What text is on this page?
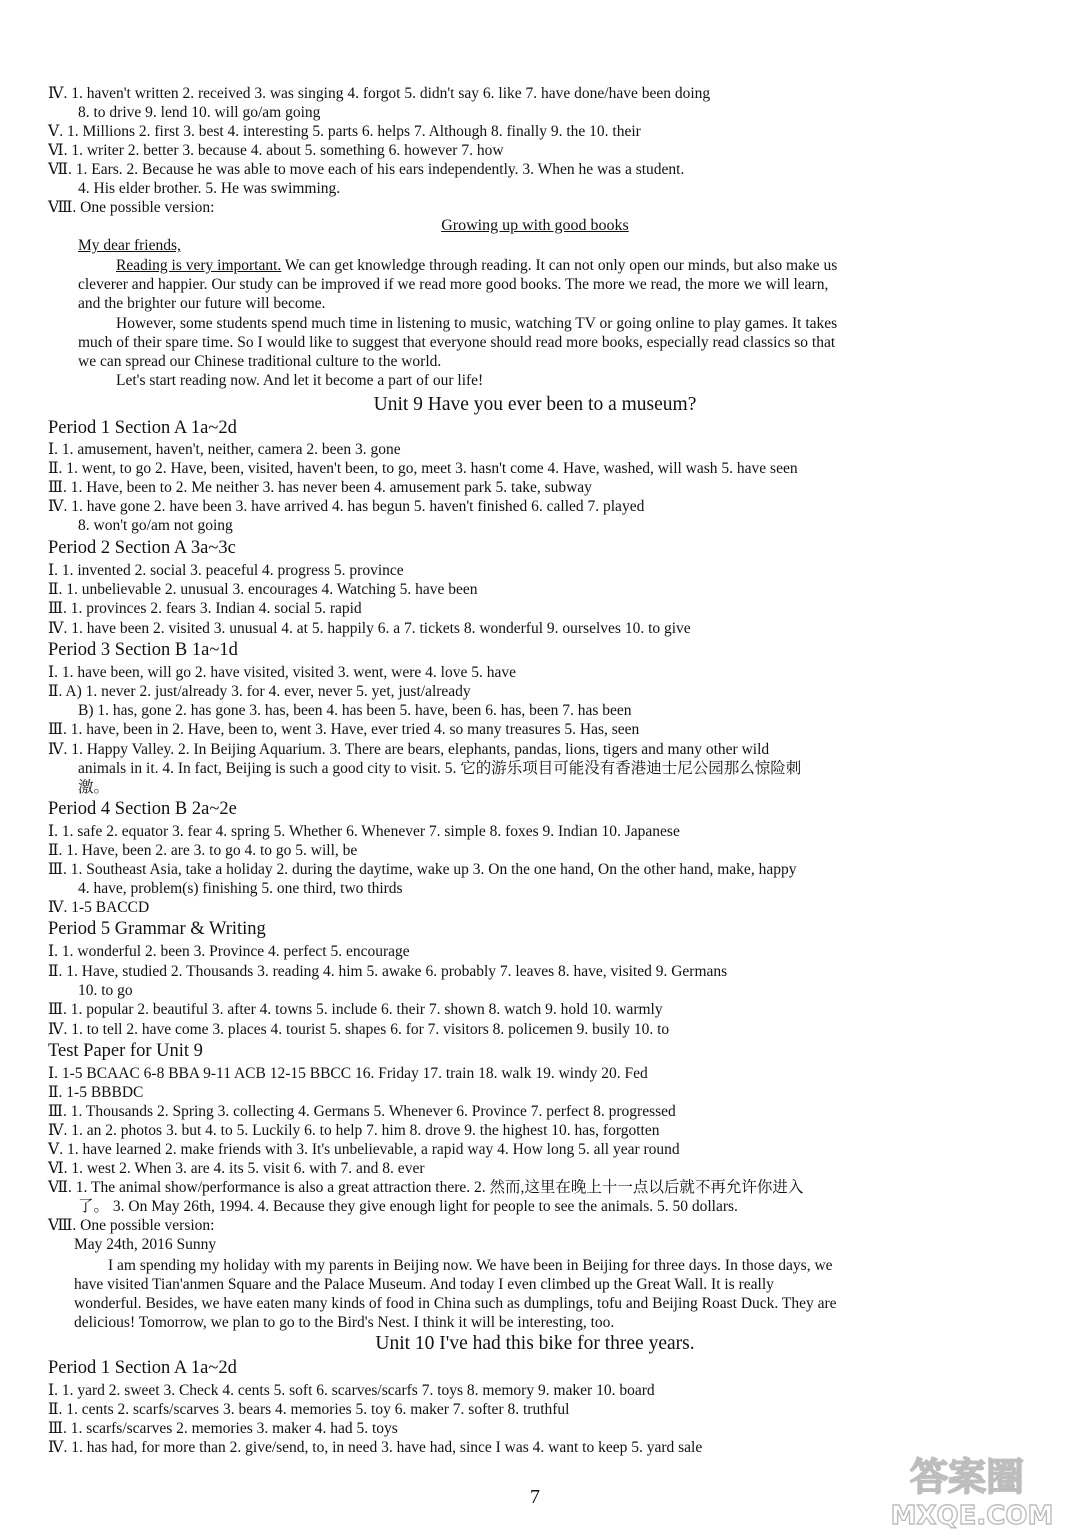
Ⅳ. 1. haven't written 2. received 3. was singing 4. forgot 5. didn't say 6. like 7. have done/have been doing
8. to drive 9. lend 10. will go/am going
Ⅴ. 1. Millions 2. first 3. best 4. interesting 5. parts 6. helps 7. Although 8. finally 9. the 10. their
Ⅵ. 1. writer 2. better 3. because 4. about 5. something 6. however 7. how
Ⅶ. 1. Ears. 2. Because he was able to move each of his ears independently. 3. When he was a student.
4. His elder brother. 5. He was swimming.
Ⅷ. One possible version:
Growing up with good books
My dear friends,
Reading is very important. We can get knowledge through reading. It can not only open our minds, but also make us
cleverer and happier. Our study can be improved if we read more good books. The more we read, the more we will learn,
and the brighter our future will become.
However, some students spend much time in listening to music, watching TV or going online to play games. It takes
much of their spare time. So I would like to suggest that everyone should read more books, especially read classics so that
we can spread our Chinese traditional culture to the world.
Let's start reading now. And let it become a part of our life!
Unit 9 Have you ever been to a museum?
Period 1 Section A 1a~2d
Ⅰ. 1. amusement, haven't, neither, camera 2. been 3. gone
Ⅱ. 1. went, to go 2. Have, been, visited, haven't been, to go, meet 3. hasn't come 4. Have, washed, will wash 5. have seen
Ⅲ. 1. Have, been to 2. Me neither 3. has never been 4. amusement park 5. take, subway
Ⅳ. 1. have gone 2. have been 3. have arrived 4. has begun 5. haven't finished 6. called 7. played
8. won't go/am not going
Period 2 Section A 3a~3c
Ⅰ. 1. invented 2. social 3. peaceful 4. progress 5. province
Ⅱ. 1. unbelievable 2. unusual 3. encourages 4. Watching 5. have been
Ⅲ. 1. provinces 2. fears 3. Indian 4. social 5. rapid
Ⅳ. 1. have been 2. visited 3. unusual 4. at 5. happily 6. a 7. tickets 8. wonderful 9. ourselves 10. to give
Period 3 Section B 1a~1d
Ⅰ. 1. have been, will go 2. have visited, visited 3. went, were 4. love 5. have
Ⅱ. A) 1. never 2. just/already 3. for 4. ever, never 5. yet, just/already
B) 1. has, gone 2. has gone 3. has, been 4. has been 5. have, been 6. has, been 7. has been
Ⅲ. 1. have, been in 2. Have, been to, went 3. Have, ever tried 4. so many treasures 5. Has, seen
Ⅳ. 1. Happy Valley. 2. In Beijing Aquarium. 3. There are bears, elephants, pandas, lions, tigers and many other wild
animals in it. 4. In fact, Beijing is such a good city to visit. 5. 它的游乐项目可能没有香港迪士尼公园那么惊险刺
激。
Period 4 Section B 2a~2e
Ⅰ. 1. safe 2. equator 3. fear 4. spring 5. Whether 6. Whenever 7. simple 8. foxes 9. Indian 10. Japanese
Ⅱ. 1. Have, been 2. are 3. to go 4. to go 5. will, be
Ⅲ. 1. Southeast Asia, take a holiday 2. during the daytime, wake up 3. On the one hand, On the other hand, make, happy
4. have, problem(s) finishing 5. one third, two thirds
Ⅳ. 1-5 BACCD
Period 5 Grammar & Writing
Ⅰ. 1. wonderful 2. been 3. Province 4. perfect 5. encourage
Ⅱ. 1. Have, studied 2. Thousands 3. reading 4. him 5. awake 6. probably 7. leaves 8. have, visited 9. Germans
10. to go
Ⅲ. 1. popular 2. beautiful 3. after 4. towns 5. include 6. their 7. shown 8. watch 9. hold 10. warmly
Ⅳ. 1. to tell 2. have come 3. places 4. tourist 5. shapes 6. for 7. visitors 8. policemen 9. busily 10. to
Test Paper for Unit 9
Ⅰ. 1-5 BCAAC 6-8 BBA 9-11 ACB 12-15 BBCC 16. Friday 17. train 18. walk 19. windy 20. Fed
Ⅱ. 1-5 BBBDC
Ⅲ. 1. Thousands 2. Spring 3. collecting 4. Germans 5. Whenever 6. Province 7. perfect 8. progressed
Ⅳ. 1. an 2. photos 3. but 4. to 5. Luckily 6. to help 7. him 8. drove 9. the highest 10. has, forgotten
Ⅴ. 1. have learned 2. make friends with 3. It's unbelievable, a rapid way 4. How long 5. all year round
Ⅵ. 1. west 2. When 3. are 4. its 5. visit 6. with 7. and 8. ever
Ⅶ. 1. The animal show/performance is also a great attraction there. 2. 然而,这里在晚上十一点以后就不再允许你进入
了。 3. On May 26th, 1994. 4. Because they give enough light for people to see the animals. 5. 50 dollars.
Ⅷ. One possible version:
May 24th, 2016 Sunny
I am spending my holiday with my parents in Beijing now. We have been in Beijing for three days. In those days, we
have visited Tian'anmen Square and the Palace Museum. And today I even climbed up the Great Wall. It is really
wonderful. Besides, we have eaten many kinds of food in China such as dumplings, tofu and Beijing Roast Duck. They are
delicious! Tomorrow, we plan to go to the Bird's Nest. I think it will be interesting, too.
Unit 10 I've had this bike for three years.
Period 1 Section A 1a~2d
Ⅰ. 1. yard 2. sweet 3. Check 4. cents 5. soft 6. scarves/scarfs 7. toys 8. memory 9. maker 10. board
Ⅱ. 1. cents 2. scarfs/scarves 3. bears 4. memories 5. toy 6. maker 7. softer 8. truthful
Ⅲ. 1. scarfs/scarves 2. memories 3. maker 4. had 5. toys
Ⅳ. 1. has had, for more than 2. give/send, to, in need 3. have had, since I was 4. want to keep 5. yard sale
7	答案圈
MXQE.COM
